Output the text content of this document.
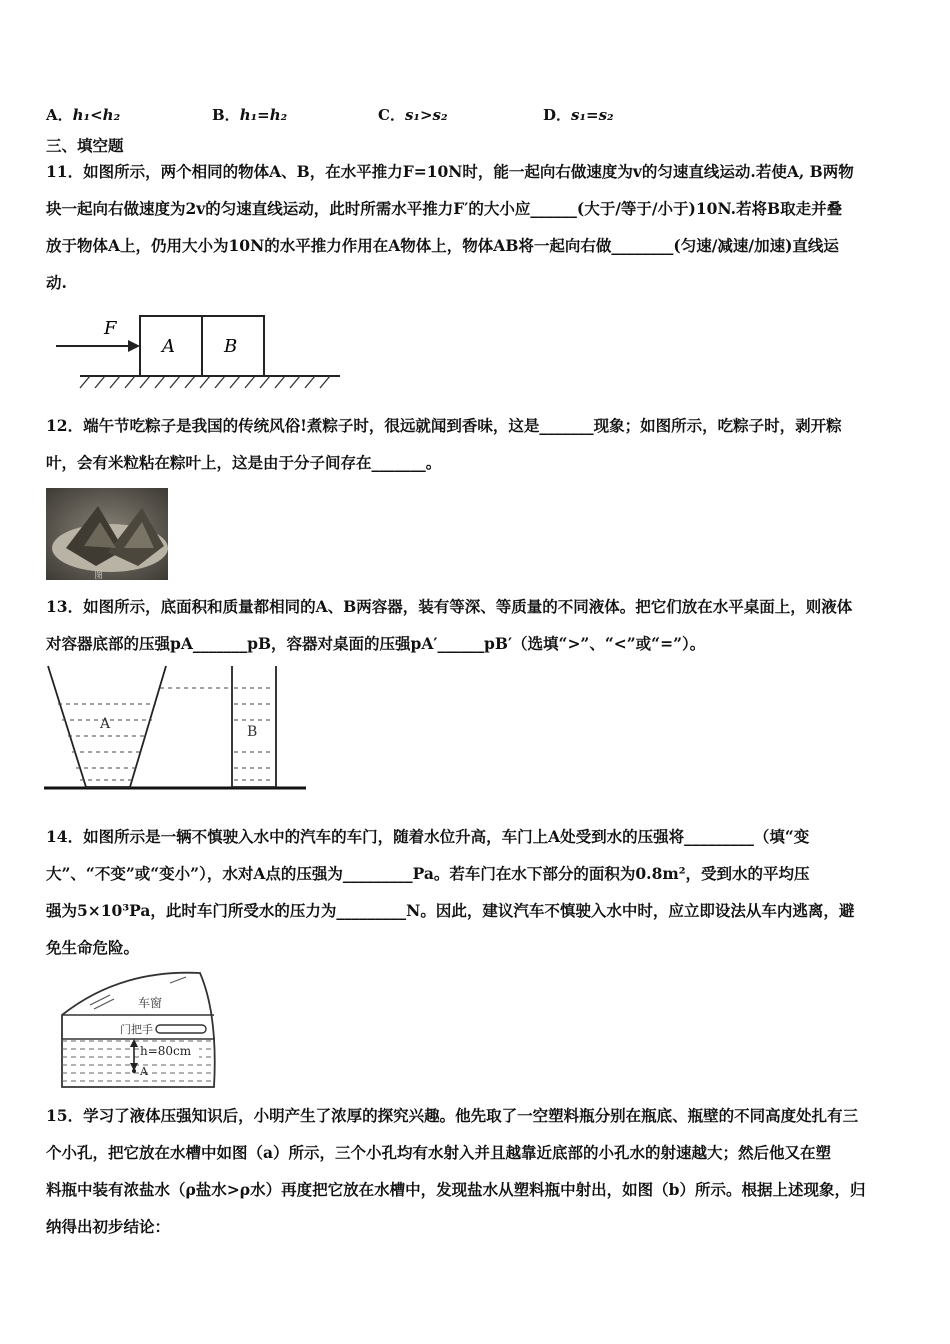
A．h₁<h₂	B．h₁=h₂	C．s₁>s₂	D．s₁=s₂
三、填空题
11．如图所示，两个相同的物体A、B，在水平推力F=10N时，能一起向右做速度为v的匀速直线运动.若使A, B两物
块一起向右做速度为2v的匀速直线运动，此时所需水平推力F′的大小应______(大于/等于/小于)10N.若将B取走并叠
放于物体A上，仍用大小为10N的水平推力作用在A物体上，物体AB将一起向右做________(匀速/减速/加速)直线运
动.
F
A	B
12．端午节吃粽子是我国的传统风俗!煮粽子时，很远就闻到香味，这是_______现象；如图所示，吃粽子时，剥开粽
叶，会有米粒粘在粽叶上，这是由于分子间存在_______。
图
13．如图所示，底面积和质量都相同的A、B两容器，装有等深、等质量的不同液体。把它们放在水平桌面上，则液体
对容器底部的压强pA_______pB，容器对桌面的压强pA′______pB′（选填“>”、“<”或“=”）。
A	B
14．如图所示是一辆不慎驶入水中的汽车的车门，随着水位升高，车门上A处受到水的压强将_________（填“变
大”、“不变”或“变小”），水对A点的压强为_________Pa。若车门在水下部分的面积为0.8m²，受到水的平均压
强为5×10³Pa，此时车门所受水的压力为_________N。因此，建议汽车不慎驶入水中时，应立即设法从车内逃离，避
免生命危险。
车窗
门把手
h=80cm
A
15．学习了液体压强知识后，小明产生了浓厚的探究兴趣。他先取了一空塑料瓶分别在瓶底、瓶壁的不同高度处扎有三
个小孔，把它放在水槽中如图（a）所示，三个小孔均有水射入并且越靠近底部的小孔水的射速越大；然后他又在塑
料瓶中装有浓盐水（ρ盐水>ρ水）再度把它放在水槽中，发现盐水从塑料瓶中射出，如图（b）所示。根据上述现象，归
纳得出初步结论：
